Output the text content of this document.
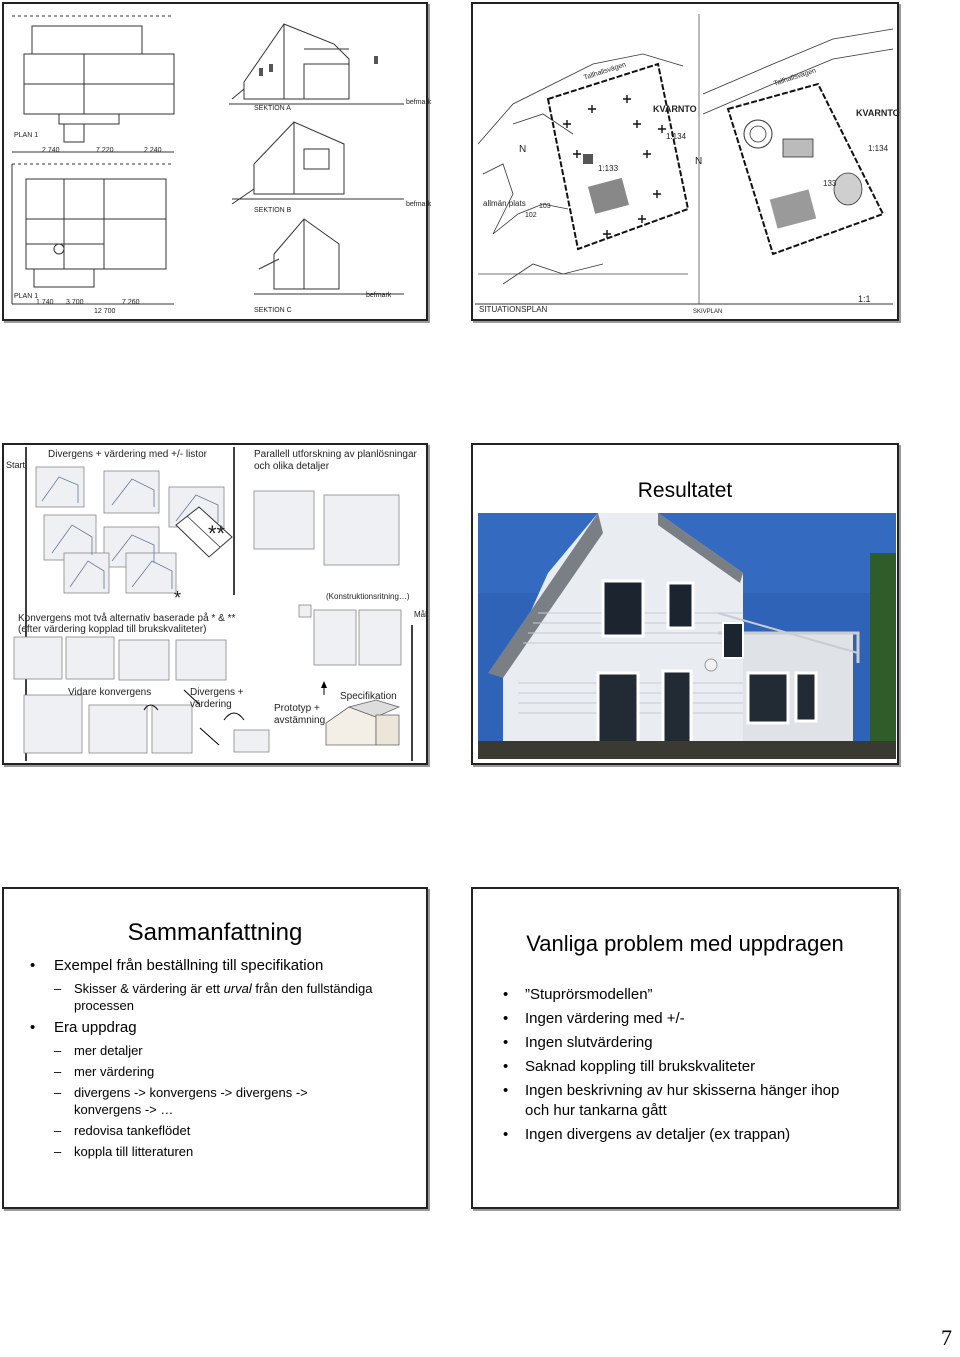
PLAN 1
PLAN 1
SEKTION A
SEKTION B
SEKTION C
befmark
befmark
befmark
2 740	7 220	2 240
1 740 3 700	7 260
12 700
Tallhallsvägen	Tallhallsvägen
KVARNTO	KVARNTO
1:134
1:133
1:134
allmän plats
102
103
133
N
N
SITUATIONSPLAN
1:1
SKIVPLAN
Start
Divergens + värdering med +/- listor	Parallell utforskning av planlösningar
och olika detaljer
**
*	(Konstruktionsritning…)
Mål
Konvergens mot två alternativ baserade på * & **
(efter värdering kopplad till brukskvaliteter)
Vidare konvergens	Divergens +
värdering	Prototyp +
avstämning
Specifikation
Resultatet
Sammanfattning
• Exempel från beställning till specifikation
– Skisser & värdering är ett urval från den fullständiga processen
• Era uppdrag
– mer detaljer
– mer värdering
– divergens -> konvergens -> divergens -> konvergens -> …
– redovisa tankeflödet
– koppla till litteraturen
Vanliga problem med uppdragen
• ”Stuprörsmodellen”
• Ingen värdering med +/-
• Ingen slutvärdering
• Saknad koppling till brukskvaliteter
• Ingen beskrivning av hur skisserna hänger ihop och hur tankarna gått
• Ingen divergens av detaljer (ex trappan)
7
